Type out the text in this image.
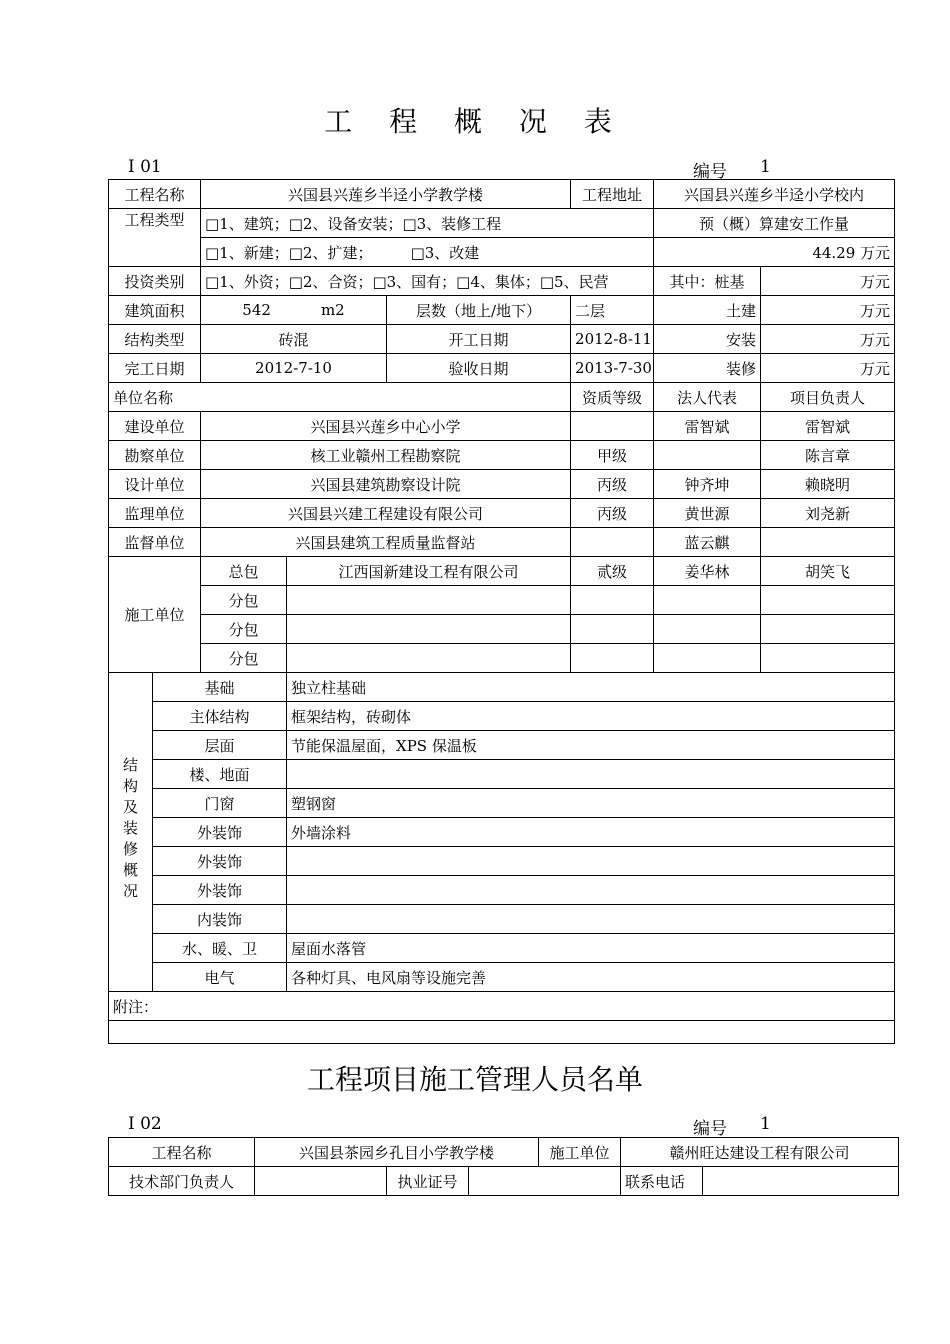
工 程 概 况 表
I 01	编号 1
工程名称		兴国县兴莲乡半迳小学教学楼			工程地址	兴国县兴莲乡半迳小学校内	
工程类型		□1、建筑；□2、设备安装；□3、装修工程				预（概）算建安工作量	
		□1、新建；□2、扩建；        □3、改建				44.29 万元	
投资类别		□1、外资；□2、合资；□3、国有；□4、集体；□5、民营				其中：桩基	万元
建筑面积		542 m2		层数（地上/地下）	二层	土建	万元
结构类型		砖混		开工日期	2012-8-11	安装	万元
完工日期		2012-7-10		验收日期	2013-7-30	装修	万元
单位名称					资质等级	法人代表	项目负责人
建设单位		兴国县兴莲乡中心小学				雷智斌	雷智斌
勘察单位		核工业赣州工程勘察院			甲级		陈言章
设计单位		兴国县建筑勘察设计院			丙级	钟齐坤	赖晓明
监理单位		兴国县兴建工程建设有限公司			丙级	黄世源	刘尧新
监督单位		兴国县建筑工程质量监督站				蓝云麒	
施工单位		总包	江西国新建设工程有限公司		贰级	姜华林	胡笑飞
		分包					
		分包					
		分包					
结构及装修概况	基础		独立柱基础				
	主体结构		框架结构，砖砌体				
	层面		节能保温屋面，XPS 保温板				
	楼、地面						
	门窗		塑钢窗				
	外装饰		外墙涂料				
	外装饰						
	外装饰						
	内装饰						
	水、暖、卫		屋面水落管				
	电气		各种灯具、电风扇等设施完善				
附注：							

工程项目施工管理人员名单
I 02	编号 1
工程名称	兴国县茶园乡孔目小学教学楼			施工单位	赣州旺达建设工程有限公司	
技术部门负责人		执业证号			联系电话	
